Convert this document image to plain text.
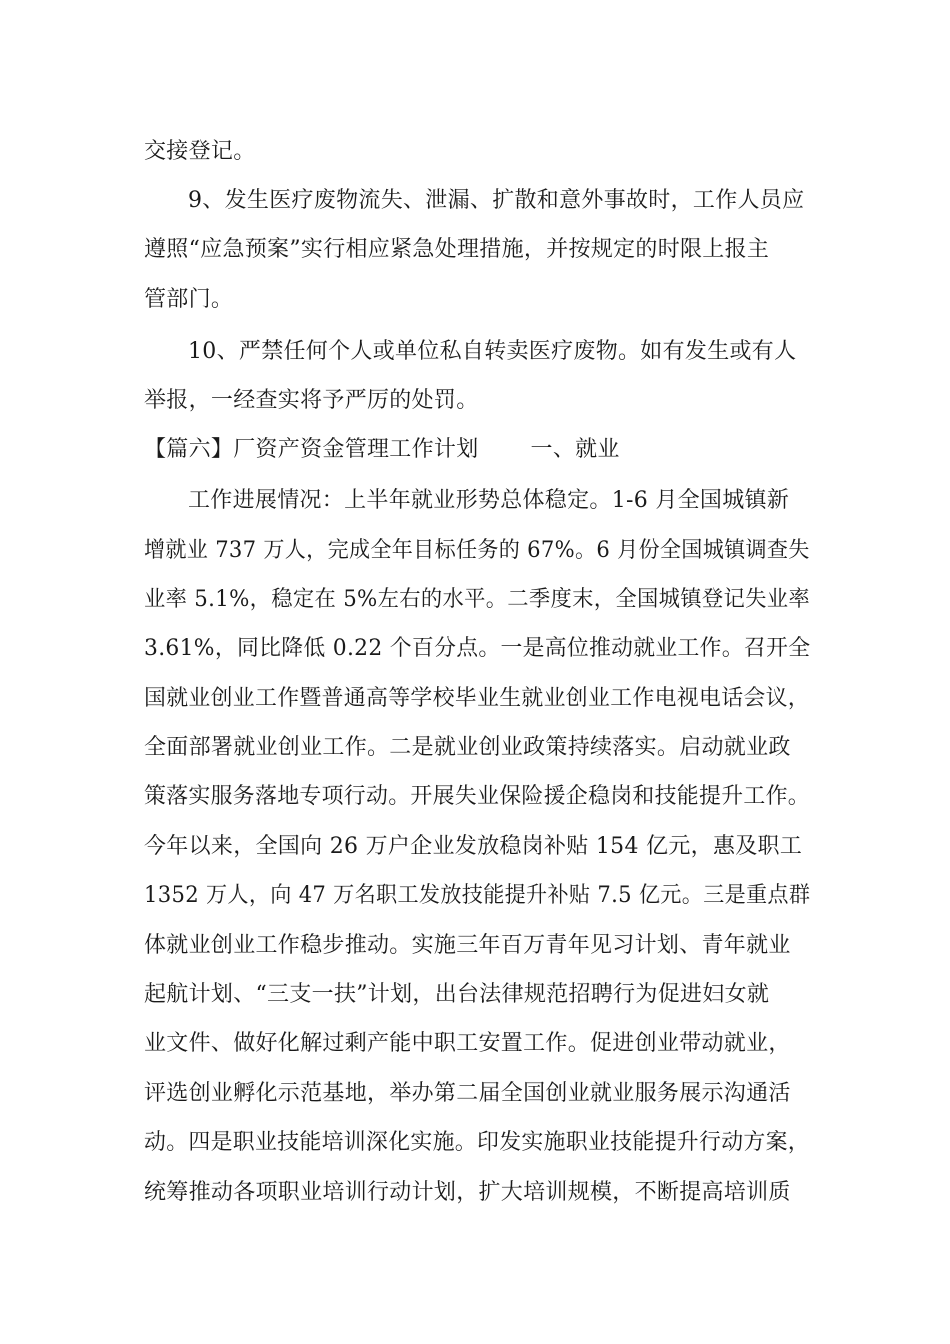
交接登记。
9、发生医疗废物流失、泄漏、扩散和意外事故时，工作人员应
遵照“应急预案”实行相应紧急处理措施，并按规定的时限上报主
管部门。
10、严禁任何个人或单位私自转卖医疗废物。如有发生或有人
举报，一经查实将予严厉的处罚。
【篇六】厂资产资金管理工作计划 一、就业
工作进展情况：上半年就业形势总体稳定。1-6 月全国城镇新
增就业 737 万人，完成全年目标任务的 67%。6 月份全国城镇调查失
业率 5.1%，稳定在 5%左右的水平。二季度末，全国城镇登记失业率
3.61%，同比降低 0.22 个百分点。一是高位推动就业工作。召开全
国就业创业工作暨普通高等学校毕业生就业创业工作电视电话会议，
全面部署就业创业工作。二是就业创业政策持续落实。启动就业政
策落实服务落地专项行动。开展失业保险援企稳岗和技能提升工作。
今年以来，全国向 26 万户企业发放稳岗补贴 154 亿元，惠及职工
1352 万人，向 47 万名职工发放技能提升补贴 7.5 亿元。三是重点群
体就业创业工作稳步推动。实施三年百万青年见习计划、青年就业
起航计划、“三支一扶”计划，出台法律规范招聘行为促进妇女就
业文件、做好化解过剩产能中职工安置工作。促进创业带动就业，
评选创业孵化示范基地，举办第二届全国创业就业服务展示沟通活
动。四是职业技能培训深化实施。印发实施职业技能提升行动方案，
统筹推动各项职业培训行动计划，扩大培训规模，不断提高培训质
